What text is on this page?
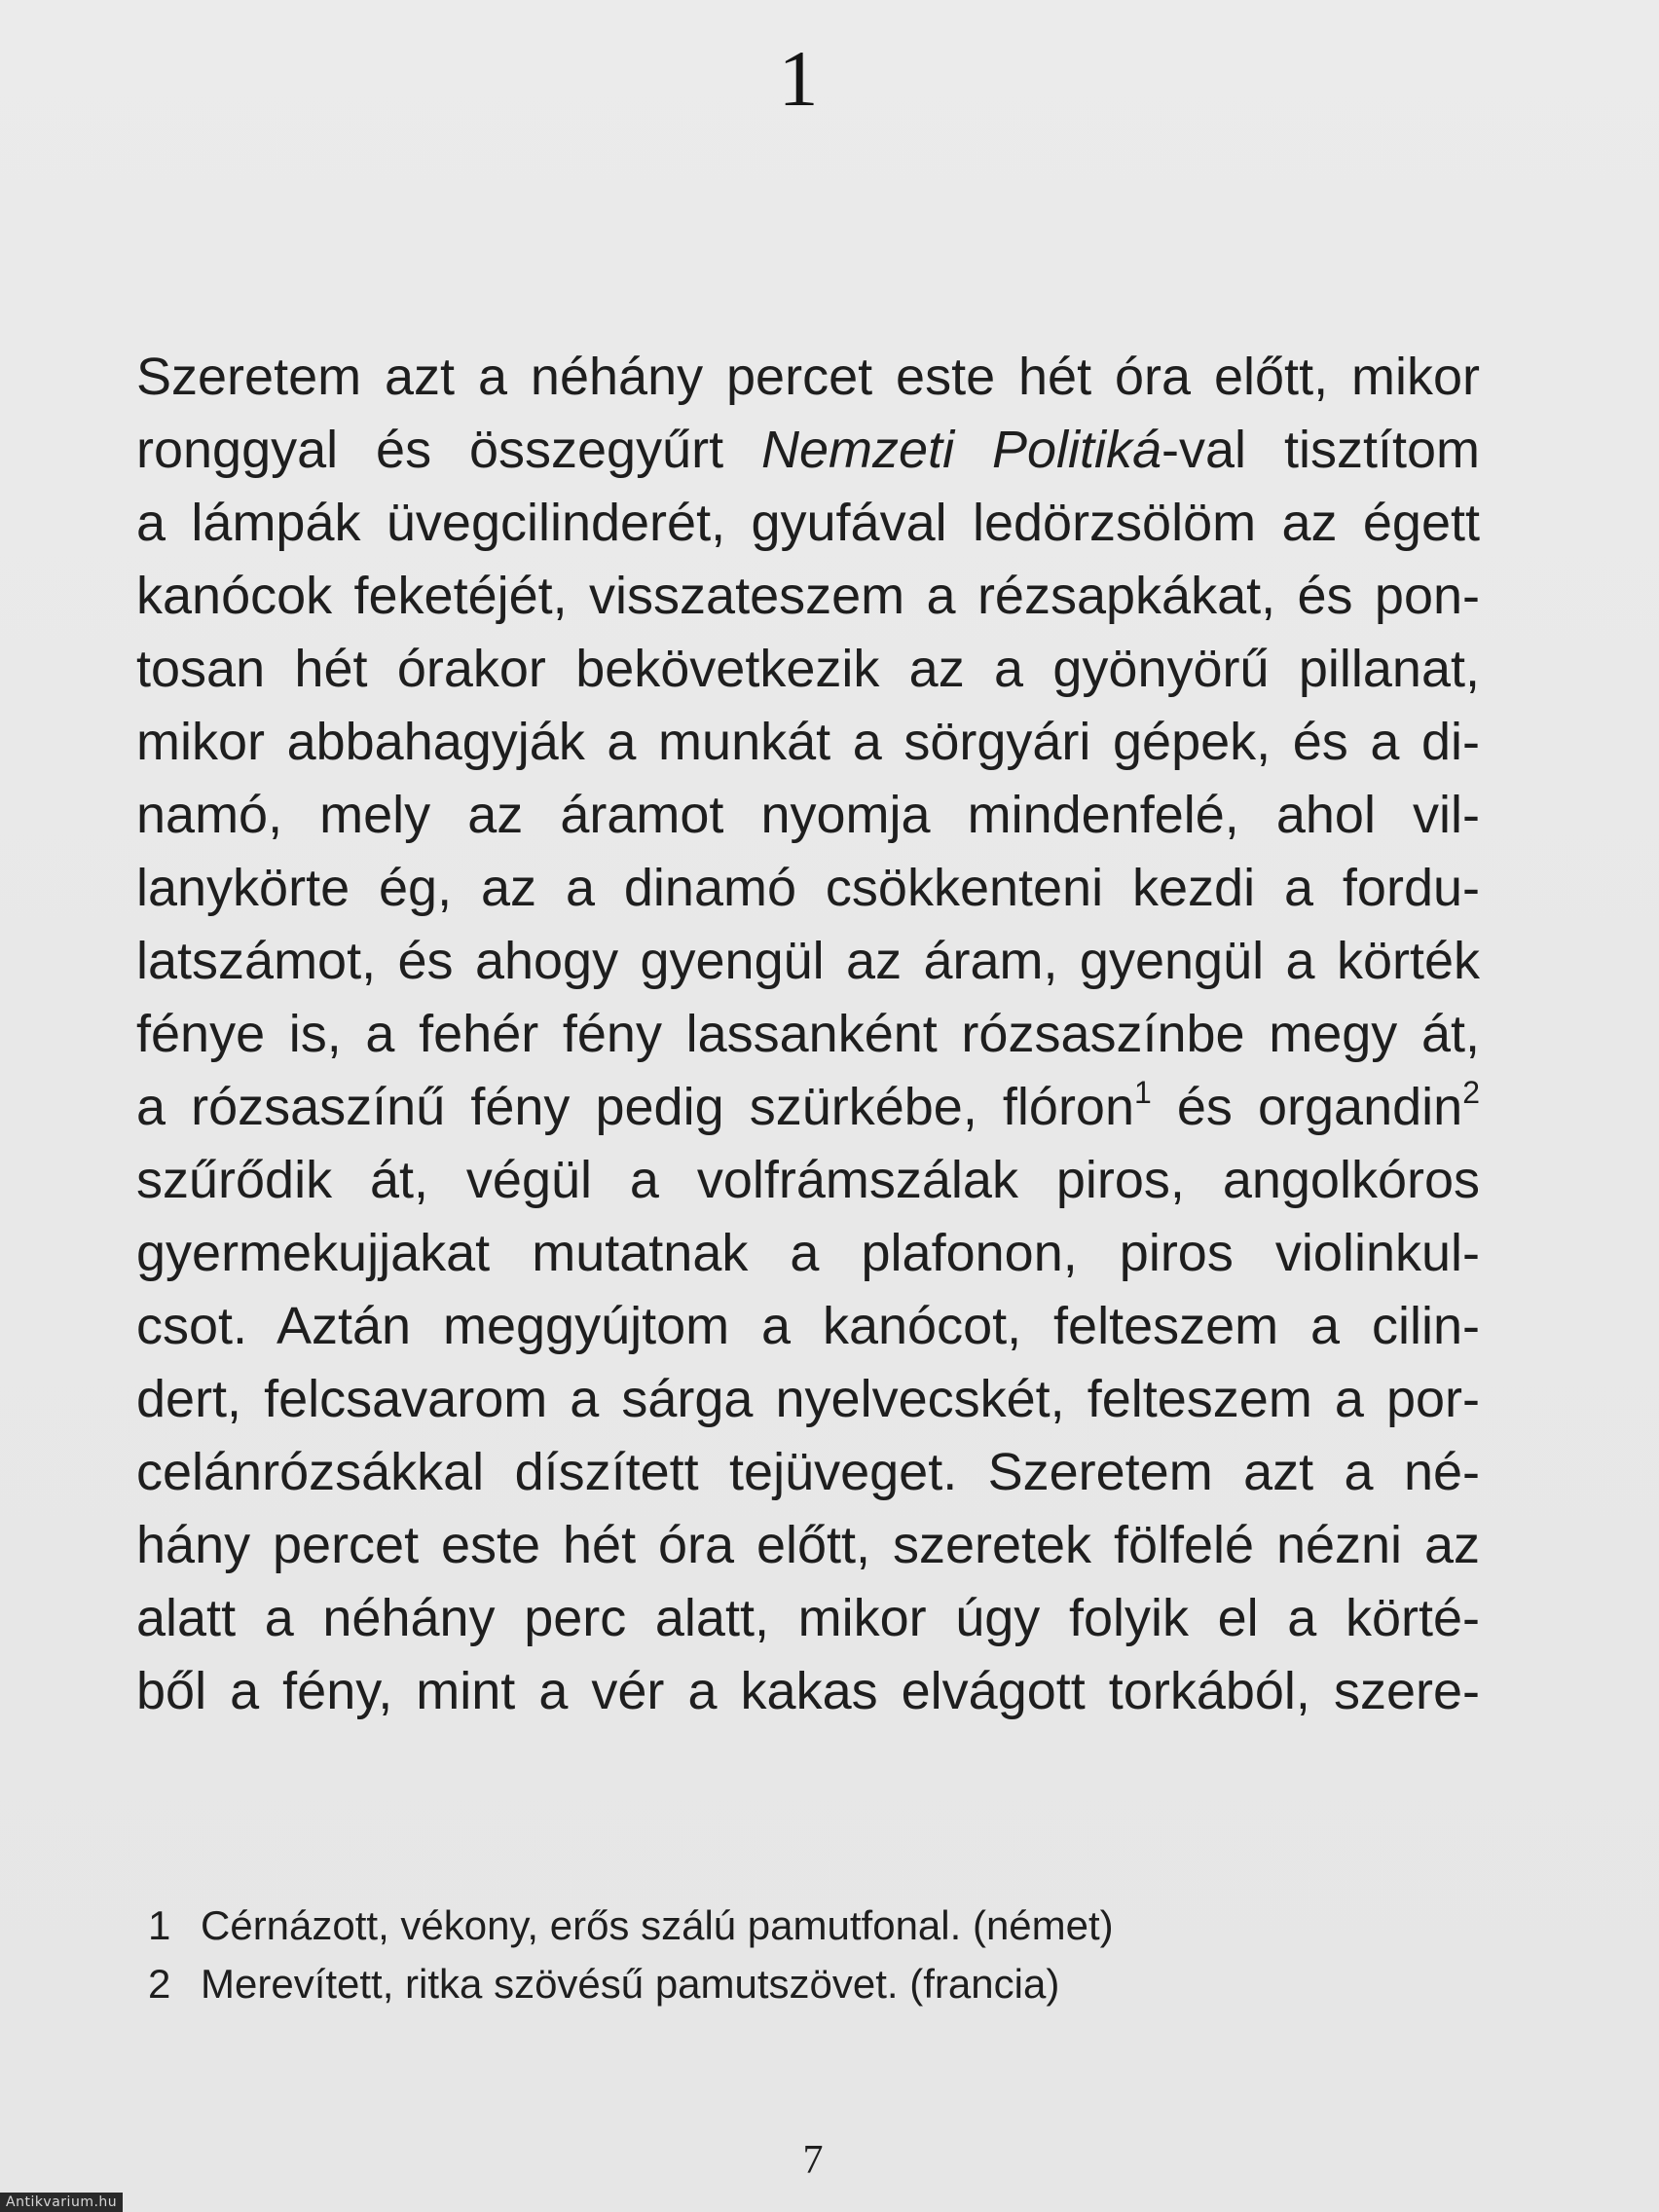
1
Szeretem azt a néhány percet este hét óra előtt, mikor
ronggyal és összegyűrt Nemzeti Politiká-val tisztítom
a lámpák üvegcilinderét, gyufával ledörzsölöm az égett
kanócok feketéjét, visszateszem a rézsapkákat, és pon-
tosan hét órakor bekövetkezik az a gyönyörű pillanat,
mikor abbahagyják a munkát a sörgyári gépek, és a di-
namó, mely az áramot nyomja mindenfelé, ahol vil-
lanykörte ég, az a dinamó csökkenteni kezdi a fordu-
latszámot, és ahogy gyengül az áram, gyengül a körték
fénye is, a fehér fény lassanként rózsaszínbe megy át,
a rózsaszínű fény pedig szürkébe, flóron$^1$ és organdin$^2$
szűrődik át, végül a volfrámszálak piros, angolkóros
gyermekujjakat mutatnak a plafonon, piros violinkul-
csot. Aztán meggyújtom a kanócot, felteszem a cilin-
dert, felcsavarom a sárga nyelvecskét, felteszem a por-
celánrózsákkal díszített tejüveget. Szeretem azt a né-
hány percet este hét óra előtt, szeretek fölfelé nézni az
alatt a néhány perc alatt, mikor úgy folyik el a körté-
ből a fény, mint a vér a kakas elvágott torkából, szere-
1 Cérnázott, vékony, erős szálú pamutfonal. (német)
2 Merevített, ritka szövésű pamutszövet. (francia)
7
Antikvarium.hu
